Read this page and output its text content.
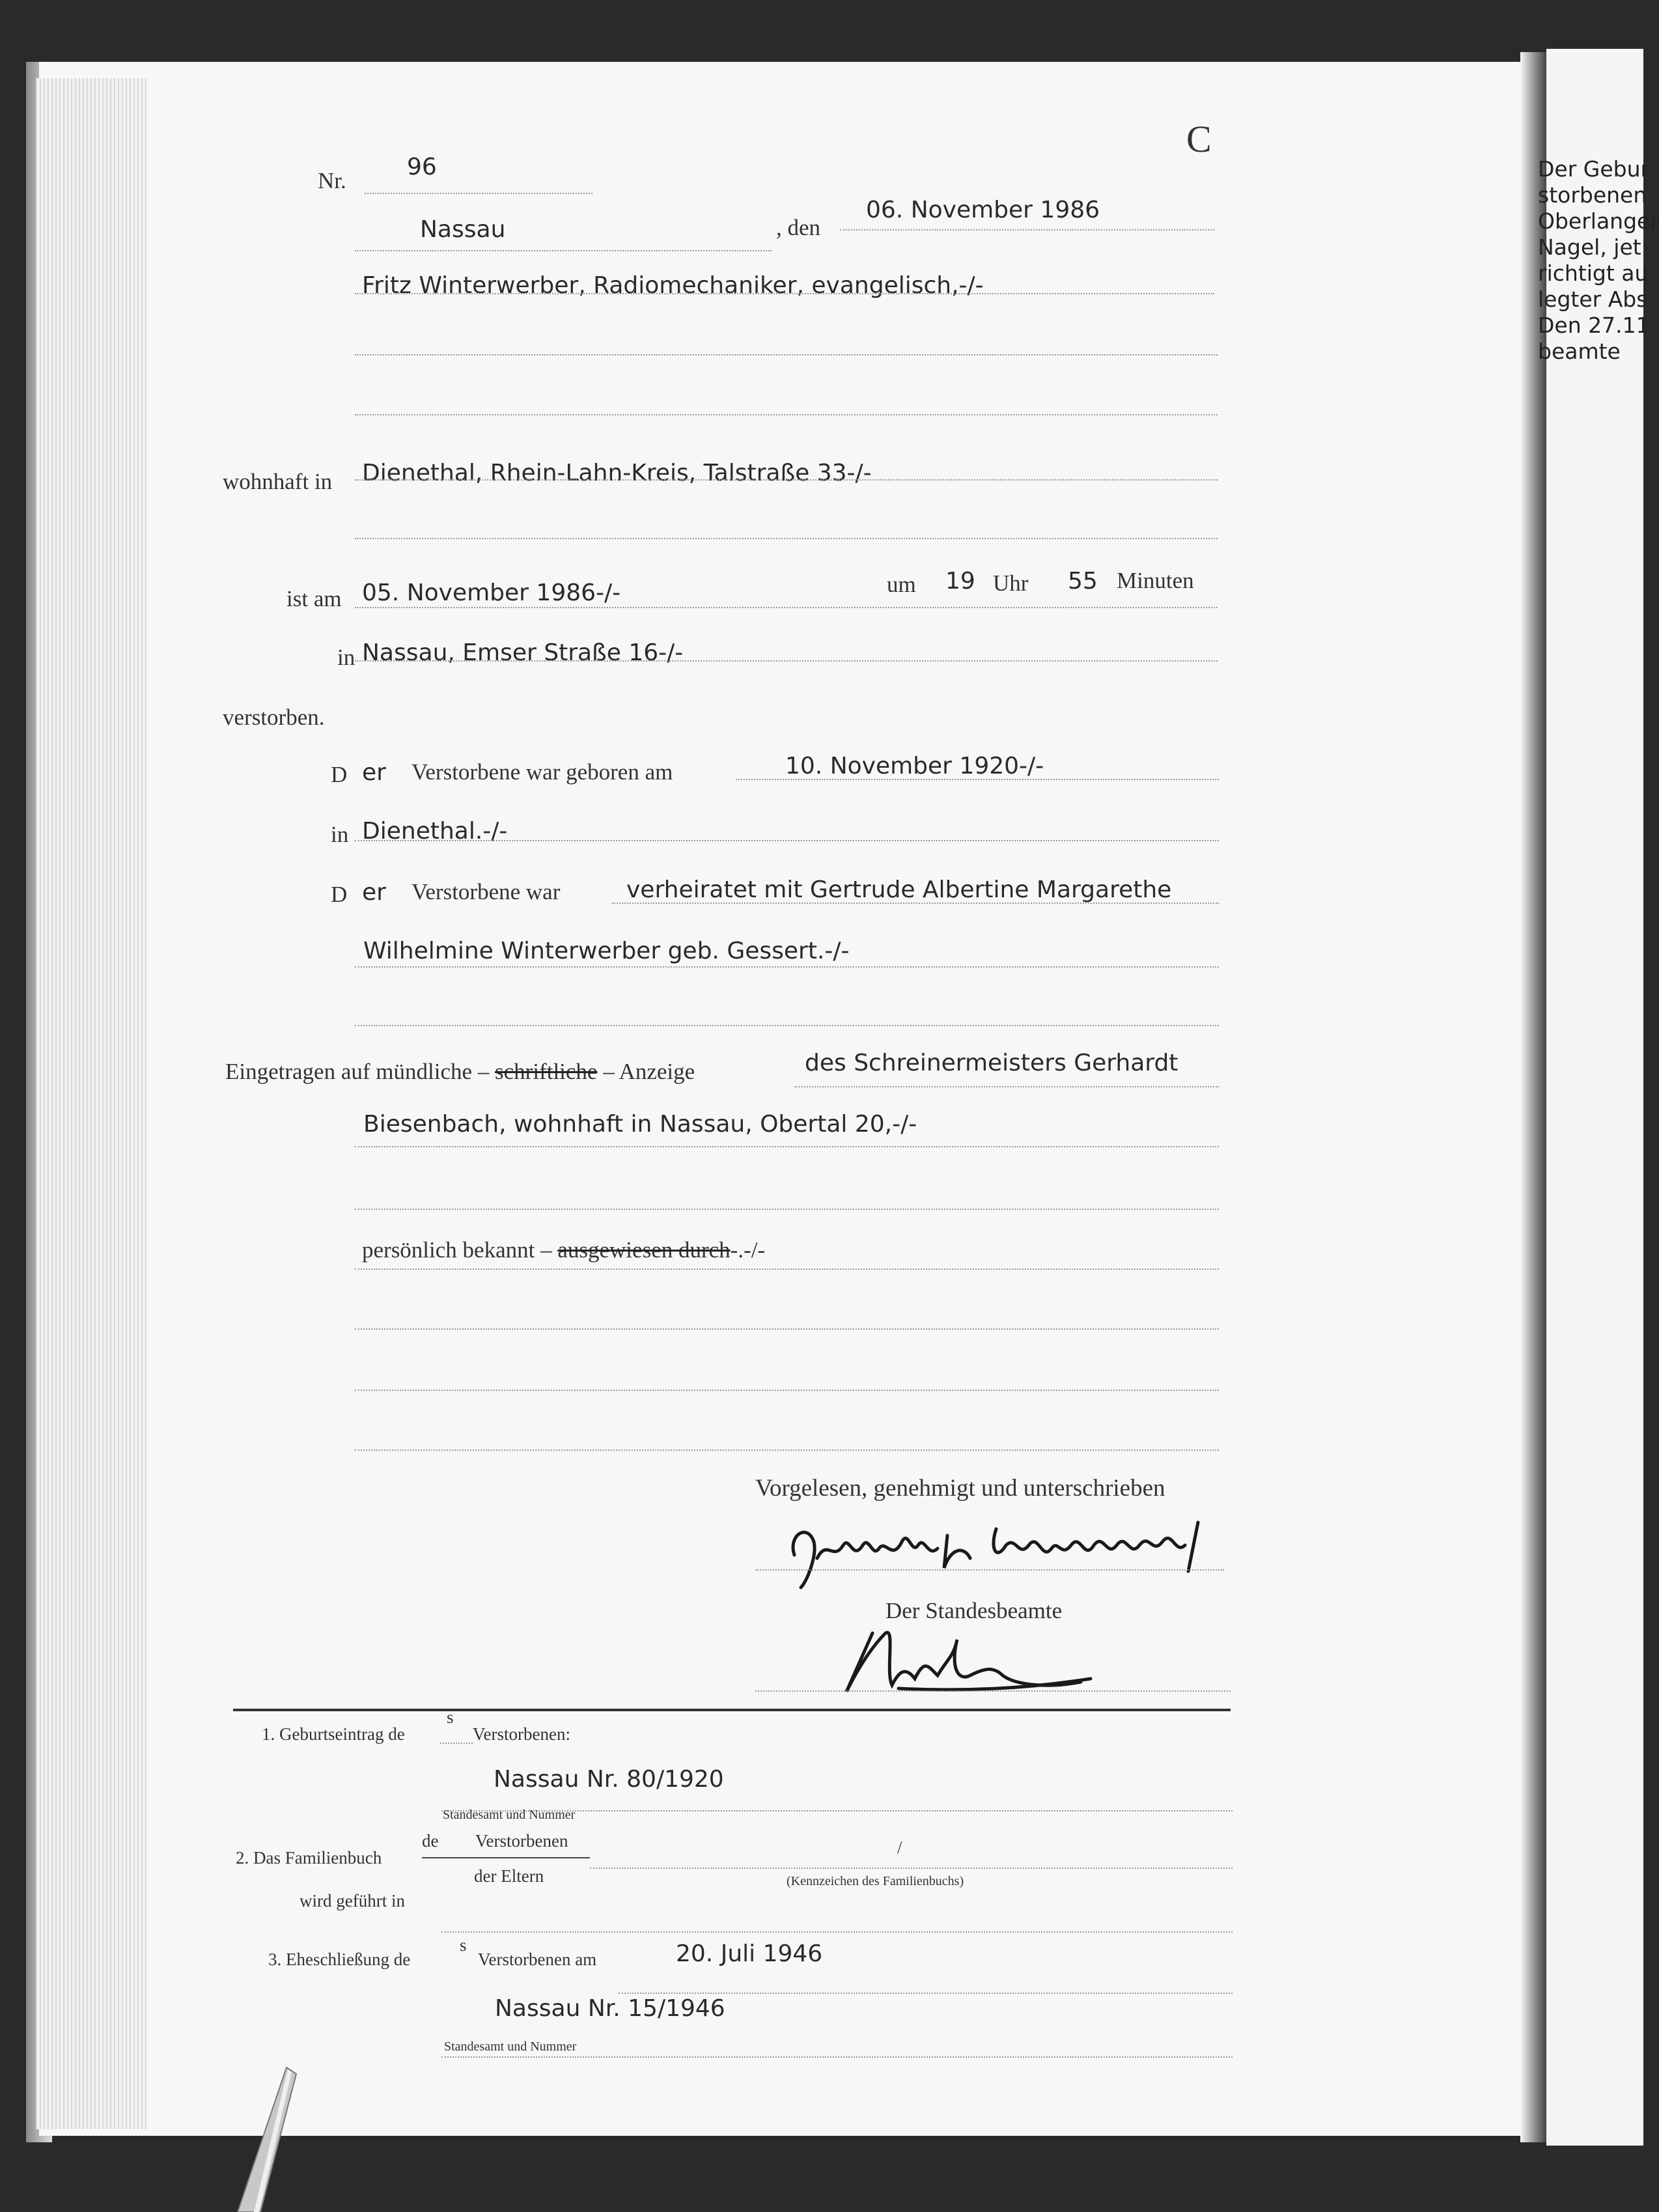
Der Gebur
storbenen
Oberlanger
Nagel, jet
richtigt au
legter Abs
Den 27.11
beamte
C
Nr.
96
Nassau	, den
06. November 1986
Fritz Winterwerber, Radiomechaniker, evangelisch,-/-
wohnhaft in Dienethal, Rhein-Lahn-Kreis, Talstraße 33-/-
ist am 05. November 1986-/-	um 19 Uhr 55 Minuten
in Nassau, Emser Straße 16-/-
verstorben.
D er Verstorbene war geboren am	10. November 1920-/-
in Dienethal.-/-
D er Verstorbene war	verheiratet mit Gertrude Albertine Margarethe
Wilhelmine Winterwerber geb. Gessert.-/-
Eingetragen auf mündliche – schriftliche – Anzeige	des Schreinermeisters Gerhardt
Biesenbach, wohnhaft in Nassau, Obertal 20,-/-
persönlich bekannt – ausgewiesen durch-.-/-
Vorgelesen, genehmigt und unterschrieben
Der Standesbeamte
1. Geburtseintrag de
s
Verstorbenen:
Nassau Nr. 80/1920
Standesamt und Nummer
2. Das Familienbuch
de Verstorbenen
der Eltern
/
(Kennzeichen des Familienbuchs)
wird geführt in
3. Eheschließung de
s
Verstorbenen am	20. Juli 1946
Nassau Nr. 15/1946
Standesamt und Nummer
